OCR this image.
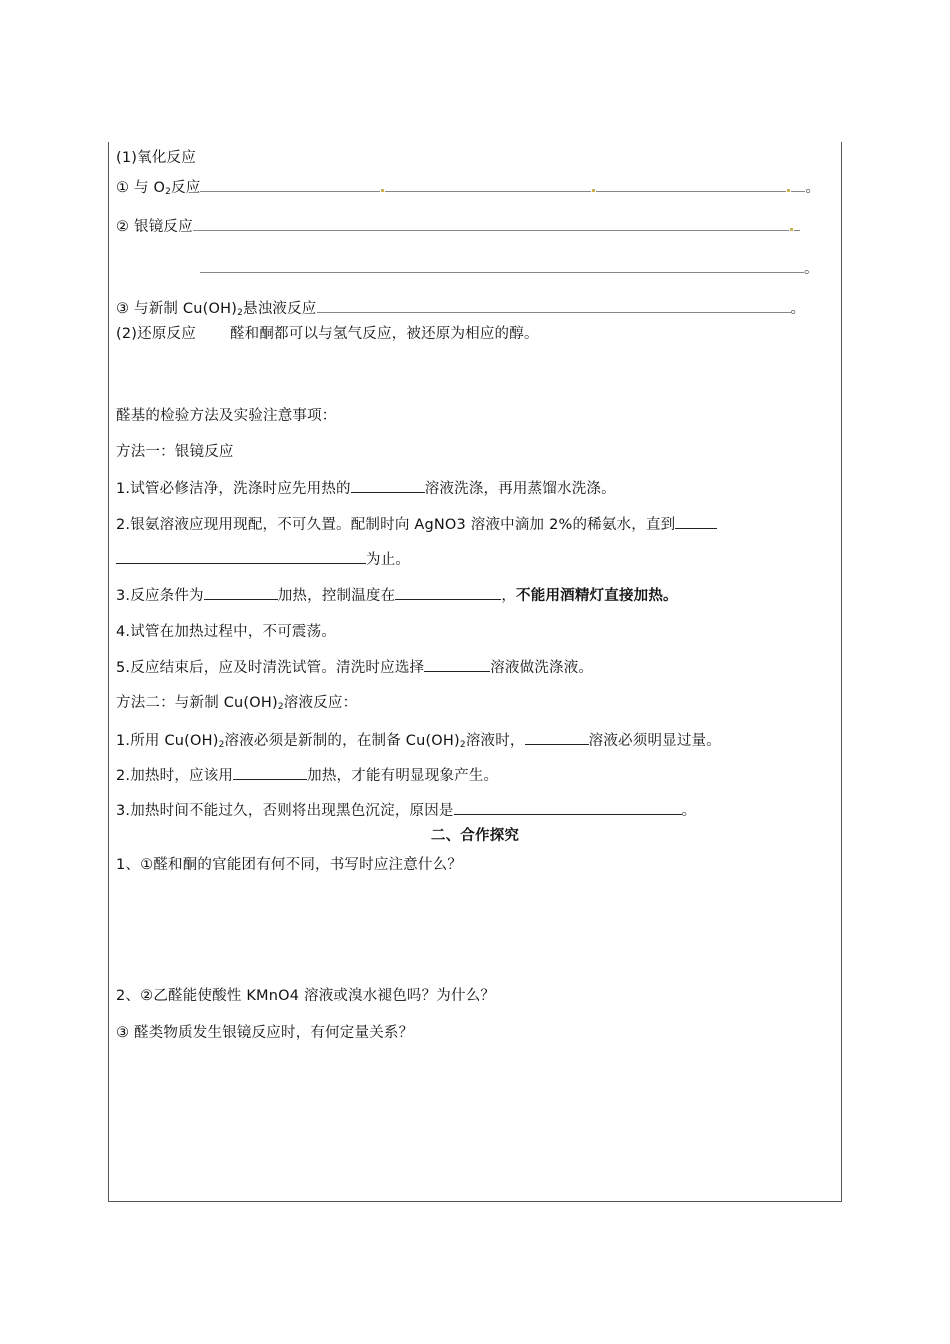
(1)氧化反应
① 与 $O_2$反应	。
② 银镜反应
。
③ 与新制 $Cu(OH)_2$悬浊液反应	。
(2)还原反应 醛和酮都可以与氢气反应，被还原为相应的醇。
醛基的检验方法及实验注意事项：
方法一：银镜反应
1.试管必修洁净，洗涤时应先用热的	溶液洗涤，再用蒸馏水洗涤。
2.银氨溶液应现用现配，不可久置。配制时向 AgNO3 溶液中滴加 2%的稀氨水，直到
为止。
3.反应条件为	加热，控制温度在	，不能用酒精灯直接加热。
4.试管在加热过程中，不可震荡。
5.反应结束后，应及时清洗试管。清洗时应选择	溶液做洗涤液。
方法二：与新制 $Cu(OH)_2$溶液反应：
1.所用 $Cu(OH)_2$溶液必须是新制的，在制备 $Cu(OH)_2$溶液时，	溶液必须明显过量。
2.加热时，应该用	加热，才能有明显现象产生。
3.加热时间不能过久，否则将出现黑色沉淀，原因是	。
二、合作探究
1、①醛和酮的官能团有何不同，书写时应注意什么？
2、②乙醛能使酸性 KMnO4 溶液或溴水褪色吗？为什么？
③ 醛类物质发生银镜反应时，有何定量关系？
